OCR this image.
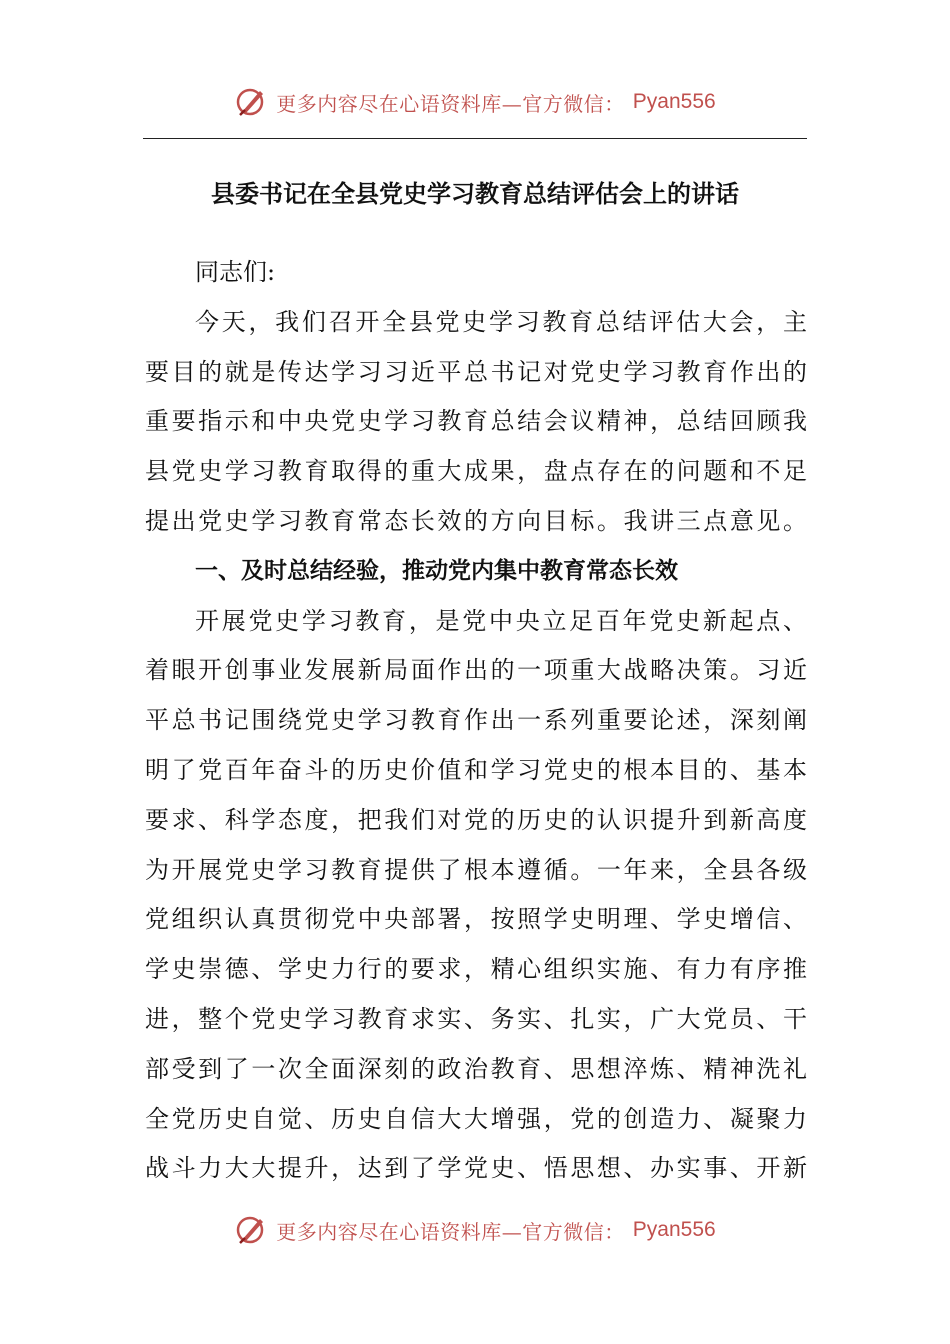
更多内容尽在心语资料库—官方微信： Pyan556
县委书记在全县党史学习教育总结评估会上的讲话
同志们:
今天，我们召开全县党史学习教育总结评估大会，主
要目的就是传达学习习近平总书记对党史学习教育作出的
重要指示和中央党史学习教育总结会议精神，总结回顾我
县党史学习教育取得的重大成果，盘点存在的问题和不足
提出党史学习教育常态长效的方向目标。我讲三点意见。
一、及时总结经验，推动党内集中教育常态长效
开展党史学习教育，是党中央立足百年党史新起点、
着眼开创事业发展新局面作出的一项重大战略决策。习近
平总书记围绕党史学习教育作出一系列重要论述，深刻阐
明了党百年奋斗的历史价值和学习党史的根本目的、基本
要求、科学态度，把我们对党的历史的认识提升到新高度
为开展党史学习教育提供了根本遵循。一年来，全县各级
党组织认真贯彻党中央部署，按照学史明理、学史增信、
学史崇德、学史力行的要求，精心组织实施、有力有序推
进，整个党史学习教育求实、务实、扎实，广大党员、干
部受到了一次全面深刻的政治教育、思想淬炼、精神洗礼
全党历史自觉、历史自信大大增强，党的创造力、凝聚力
战斗力大大提升，达到了学党史、悟思想、办实事、开新
更多内容尽在心语资料库—官方微信： Pyan556
